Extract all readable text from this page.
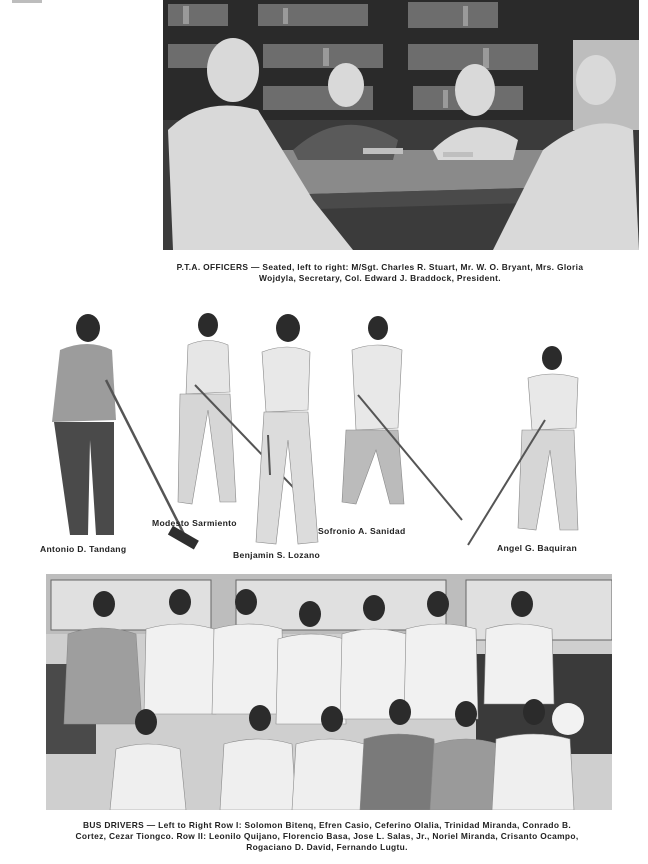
P.T.A. OFFICERS — Seated, left to right: M/Sgt. Charles R. Stuart, Mr. W. O. Bryant, Mrs. Gloria Wojdyla, Secretary, Col. Edward J. Braddock, President.
Antonio D. Tandang
Modesto Sarmiento
Benjamin S. Lozano
Sofronio A. Sanidad
Angel G. Baquiran
BUS DRIVERS — Left to Right Row I: Solomon Bitenq, Efren Casio, Ceferino Olalia, Trinidad Miranda, Conrado B. Cortez, Cezar Tiongco. Row II: Leonilo Quijano, Florencio Basa, Jose L. Salas, Jr., Noriel Miranda, Crisanto Ocampo, Rogaciano D. David, Fernando Lugtu.
